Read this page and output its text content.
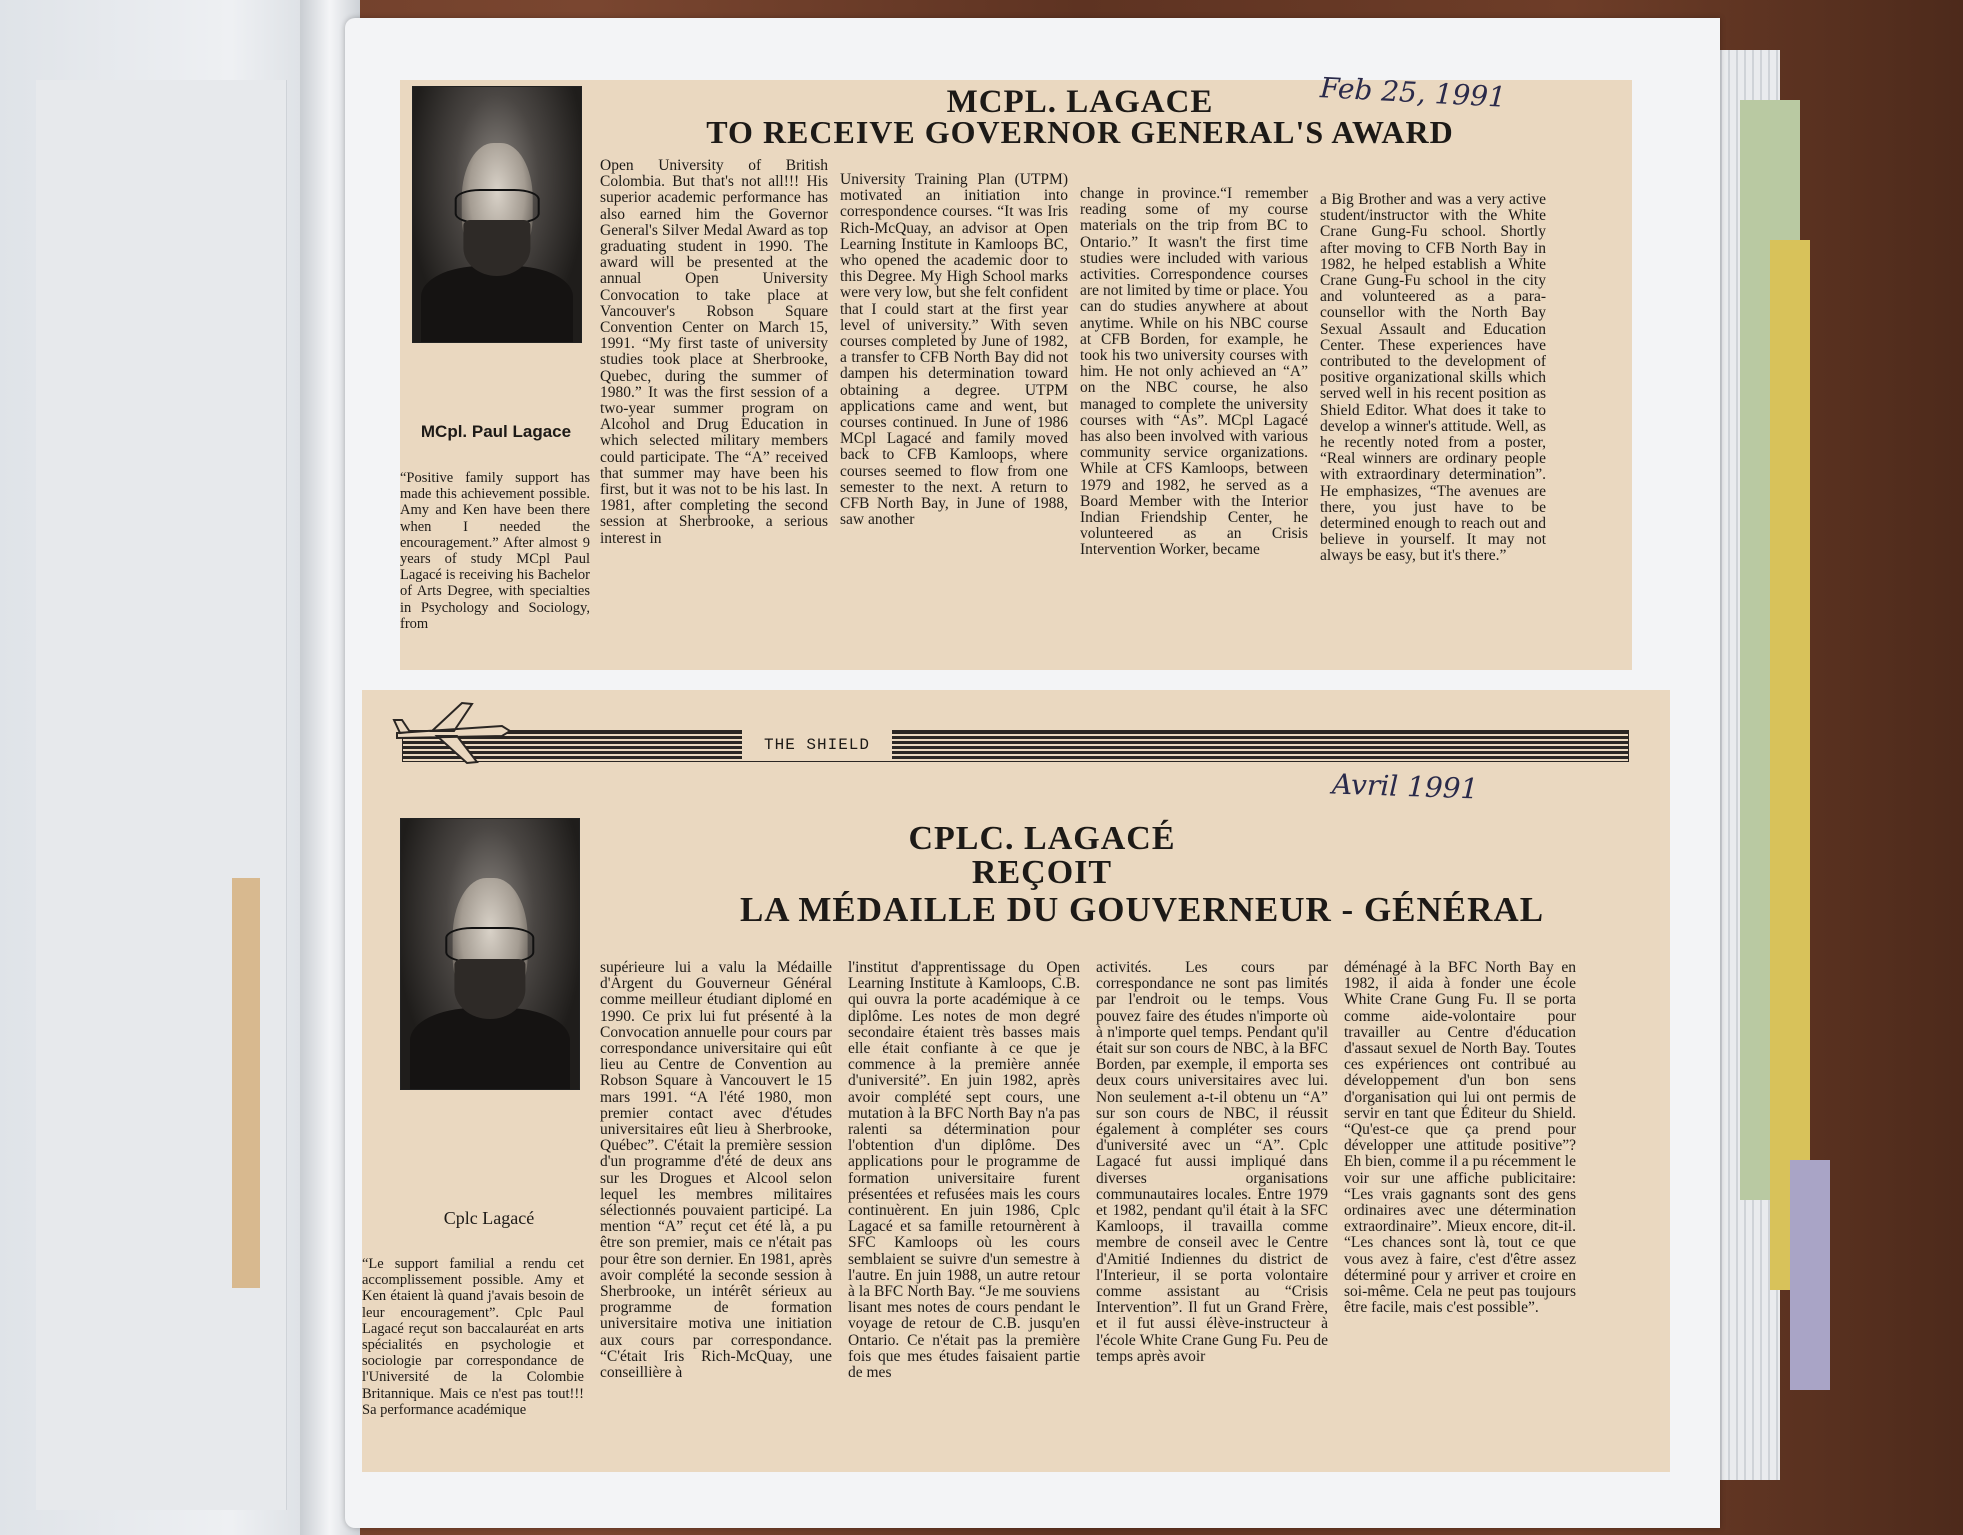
MCpl. Paul Lagace
MCPL. LAGACE
TO RECEIVE GOVERNOR GENERAL'S AWARD
Feb 25, 1991

“Positive family support has made this achievement possible. Amy and Ken have been there when I needed the encouragement.” After almost 9 years of study MCpl Paul Lagacé is receiving his Bachelor of Arts Degree, with specialties in Psychology and Sociology, from

Open University of British Colombia. But that's not all!!! His superior academic performance has also earned him the Governor General's Silver Medal Award as top graduating student in 1990. The award will be presented at the annual Open University Convocation to take place at Vancouver's Robson Square Convention Center on March 15, 1991. “My first taste of university studies took place at Sherbrooke, Quebec, during the summer of 1980.” It was the first session of a two-year summer program on Alcohol and Drug Education in which selected military members could participate. The “A” received that summer may have been his first, but it was not to be his last. In 1981, after completing the second session at Sherbrooke, a serious interest in

University Training Plan (UTPM) motivated an initiation into correspondence courses. “It was Iris Rich-McQuay, an advisor at Open Learning Institute in Kamloops BC, who opened the academic door to this Degree. My High School marks were very low, but she felt confident that I could start at the first year level of university.” With seven courses completed by June of 1982, a transfer to CFB North Bay did not dampen his determination toward obtaining a degree. UTPM applications came and went, but courses continued. In June of 1986 MCpl Lagacé and family moved back to CFB Kamloops, where courses seemed to flow from one semester to the next. A return to CFB North Bay, in June of 1988, saw another

change in province.“I remember reading some of my course materials on the trip from BC to Ontario.” It wasn't the first time studies were included with various activities. Correspondence courses are not limited by time or place. You can do studies anywhere at about anytime. While on his NBC course at CFB Borden, for example, he took his two university courses with him. He not only achieved an “A” on the NBC course, he also managed to complete the university courses with “As”. MCpl Lagacé has also been involved with various community service organizations. While at CFS Kamloops, between 1979 and 1982, he served as a Board Member with the Interior Indian Friendship Center, he volunteered as an Crisis Intervention Worker, became

a Big Brother and was a very active student/instructor with the White Crane Gung-Fu school. Shortly after moving to CFB North Bay in 1982, he helped establish a White Crane Gung-Fu school in the city and volunteered as a para-counsellor with the North Bay Sexual Assault and Education Center. These experiences have contributed to the development of positive organizational skills which served well in his recent position as Shield Editor. What does it take to develop a winner's attitude. Well, as he recently noted from a poster, “Real winners are ordinary people with extraordinary determination”. He emphasizes, “The avenues are there, you just have to be determined enough to reach out and believe in yourself. It may not always be easy, but it's there.”

THE SHIELD
Avril 1991
Cplc Lagacé
CPLC. LAGACÉ
REÇOIT
LA MÉDAILLE DU GOUVERNEUR - GÉNÉRAL

“Le support familial a rendu cet accomplissement possible. Amy et Ken étaient là quand j'avais besoin de leur encouragement”. Cplc Paul Lagacé reçut son baccalauréat en arts spécialités en psychologie et sociologie par correspondance de l'Université de la Colombie Britannique. Mais ce n'est pas tout!!! Sa performance académique

supérieure lui a valu la Médaille d'Argent du Gouverneur Général comme meilleur étudiant diplomé en 1990. Ce prix lui fut présenté à la Convocation annuelle pour cours par correspondance universitaire qui eût lieu au Centre de Convention au Robson Square à Vancouvert le 15 mars 1991. “A l'été 1980, mon premier contact avec d'études universitaires eût lieu à Sherbrooke, Québec”. C'était la première session d'un programme d'été de deux ans sur les Drogues et Alcool selon lequel les membres militaires sélectionnés pouvaient participé. La mention “A” reçut cet été là, a pu être son premier, mais ce n'était pas pour être son dernier. En 1981, après avoir complété la seconde session à Sherbrooke, un intérêt sérieux au programme de formation universitaire motiva une initiation aux cours par correspondance. “C'était Iris Rich-McQuay, une conseillière à

l'institut d'apprentissage du Open Learning Institute à Kamloops, C.B. qui ouvra la porte académique à ce diplôme. Les notes de mon degré secondaire étaient très basses mais elle était confiante à ce que je commence à la première année d'université”. En juin 1982, après avoir complété sept cours, une mutation à la BFC North Bay n'a pas ralenti sa détermination pour l'obtention d'un diplôme. Des applications pour le programme de formation universitaire furent présentées et refusées mais les cours continuèrent. En juin 1986, Cplc Lagacé et sa famille retournèrent à SFC Kamloops où les cours semblaient se suivre d'un semestre à l'autre. En juin 1988, un autre retour à la BFC North Bay. “Je me souviens lisant mes notes de cours pendant le voyage de retour de C.B. jusqu'en Ontario. Ce n'était pas la première fois que mes études faisaient partie de mes

activités. Les cours par correspondance ne sont pas limités par l'endroit ou le temps. Vous pouvez faire des études n'importe où à n'importe quel temps. Pendant qu'il était sur son cours de NBC, à la BFC Borden, par exemple, il emporta ses deux cours universitaires avec lui. Non seulement a-t-il obtenu un “A” sur son cours de NBC, il réussit également à compléter ses cours d'université avec un “A”. Cplc Lagacé fut aussi impliqué dans diverses organisations communautaires locales. Entre 1979 et 1982, pendant qu'il était à la SFC Kamloops, il travailla comme membre de conseil avec le Centre d'Amitié Indiennes du district de l'Interieur, il se porta volontaire comme assistant au “Crisis Intervention”. Il fut un Grand Frère, et il fut aussi élève-instructeur à l'école White Crane Gung Fu. Peu de temps après avoir

déménagé à la BFC North Bay en 1982, il aida à fonder une école White Crane Gung Fu. Il se porta comme aide-volontaire pour travailler au Centre d'éducation d'assaut sexuel de North Bay. Toutes ces expériences ont contribué au développement d'un bon sens d'organisation qui lui ont permis de servir en tant que Éditeur du Shield. “Qu'est-ce que ça prend pour développer une attitude positive”? Eh bien, comme il a pu récemment le voir sur une affiche publicitaire: “Les vrais gagnants sont des gens ordinaires avec une détermination extraordinaire”. Mieux encore, dit-il. “Les chances sont là, tout ce que vous avez à faire, c'est d'être assez déterminé pour y arriver et croire en soi-même. Cela ne peut pas toujours être facile, mais c'est possible”.
